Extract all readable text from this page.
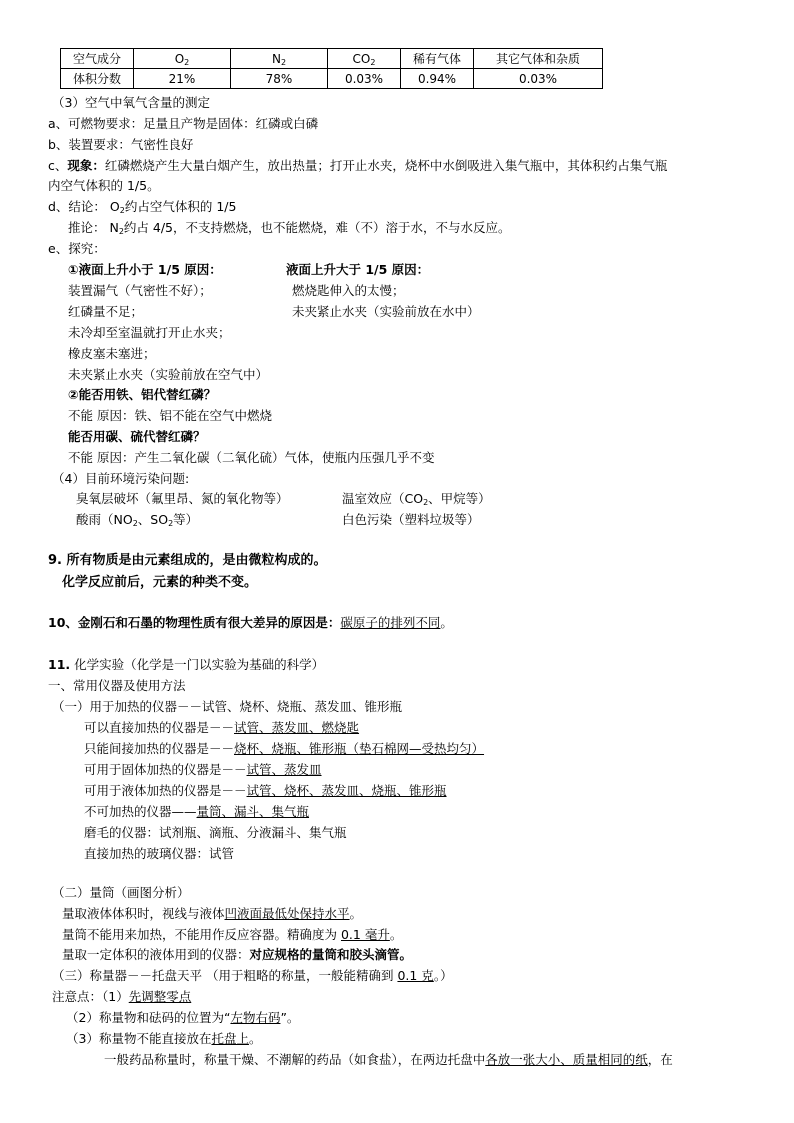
空气成分	$O_2$	$N_2$	$CO_2$	稀有气体	其它气体和杂质
体积分数	21%	78%	0.03%	0.94%	0.03%
（3）空气中氧气含量的测定
a、可燃物要求：足量且产物是固体：红磷或白磷
b、装置要求：气密性良好
c、现象：红磷燃烧产生大量白烟产生，放出热量；打开止水夹，烧杯中水倒吸进入集气瓶中，其体积约占集气瓶
内空气体积的 1/5。
d、结论： $O_2$约占空气体积的 1/5
推论： $N_2$约占 4/5，不支持燃烧，也不能燃烧，难（不）溶于水，不与水反应。
e、探究：
①液面上升小于 1/5 原因：	液面上升大于 1/5 原因：
装置漏气（气密性不好）；	燃烧匙伸入的太慢；
红磷量不足；	未夹紧止水夹（实验前放在水中）
未冷却至室温就打开止水夹；
橡皮塞未塞进；
未夹紧止水夹（实验前放在空气中）
②能否用铁、铝代替红磷？
不能 原因：铁、铝不能在空气中燃烧
能否用碳、硫代替红磷？
不能 原因：产生二氧化碳（二氧化硫）气体，使瓶内压强几乎不变
（4）目前环境污染问题:
臭氧层破坏（氟里昂、氮的氧化物等）	温室效应（$CO_2$、甲烷等）
酸雨（$NO_2$、$SO_2$等）	白色污染（塑料垃圾等）
9. 所有物质是由元素组成的，是由微粒构成的。
化学反应前后，元素的种类不变。
10、金刚石和石墨的物理性质有很大差异的原因是：碳原子的排列不同。
11. 化学实验（化学是一门以实验为基础的科学）
一、常用仪器及使用方法
（一）用于加热的仪器－－试管、烧杯、烧瓶、蒸发皿、锥形瓶
可以直接加热的仪器是－－试管、蒸发皿、燃烧匙
只能间接加热的仪器是－－烧杯、烧瓶、锥形瓶（垫石棉网—受热均匀）
可用于固体加热的仪器是－－试管、蒸发皿
可用于液体加热的仪器是－－试管、烧杯、蒸发皿、烧瓶、锥形瓶
不可加热的仪器——量筒、漏斗、集气瓶
磨毛的仪器：试剂瓶、滴瓶、分液漏斗、集气瓶
直接加热的玻璃仪器：试管
（二）量筒（画图分析）
量取液体体积时，视线与液体凹液面最低处保持水平。
量筒不能用来加热，不能用作反应容器。精确度为 0.1 毫升。
量取一定体积的液体用到的仪器：对应规格的量筒和胶头滴管。
（三）称量器－－托盘天平 （用于粗略的称量，一般能精确到 0.1 克。）
注意点：（1）先调整零点
（2）称量物和砝码的位置为“左物右码”。
（3）称量物不能直接放在托盘上。
一般药品称量时，称量干燥、不潮解的药品（如食盐），在两边托盘中各放一张大小、质量相同的纸，在
